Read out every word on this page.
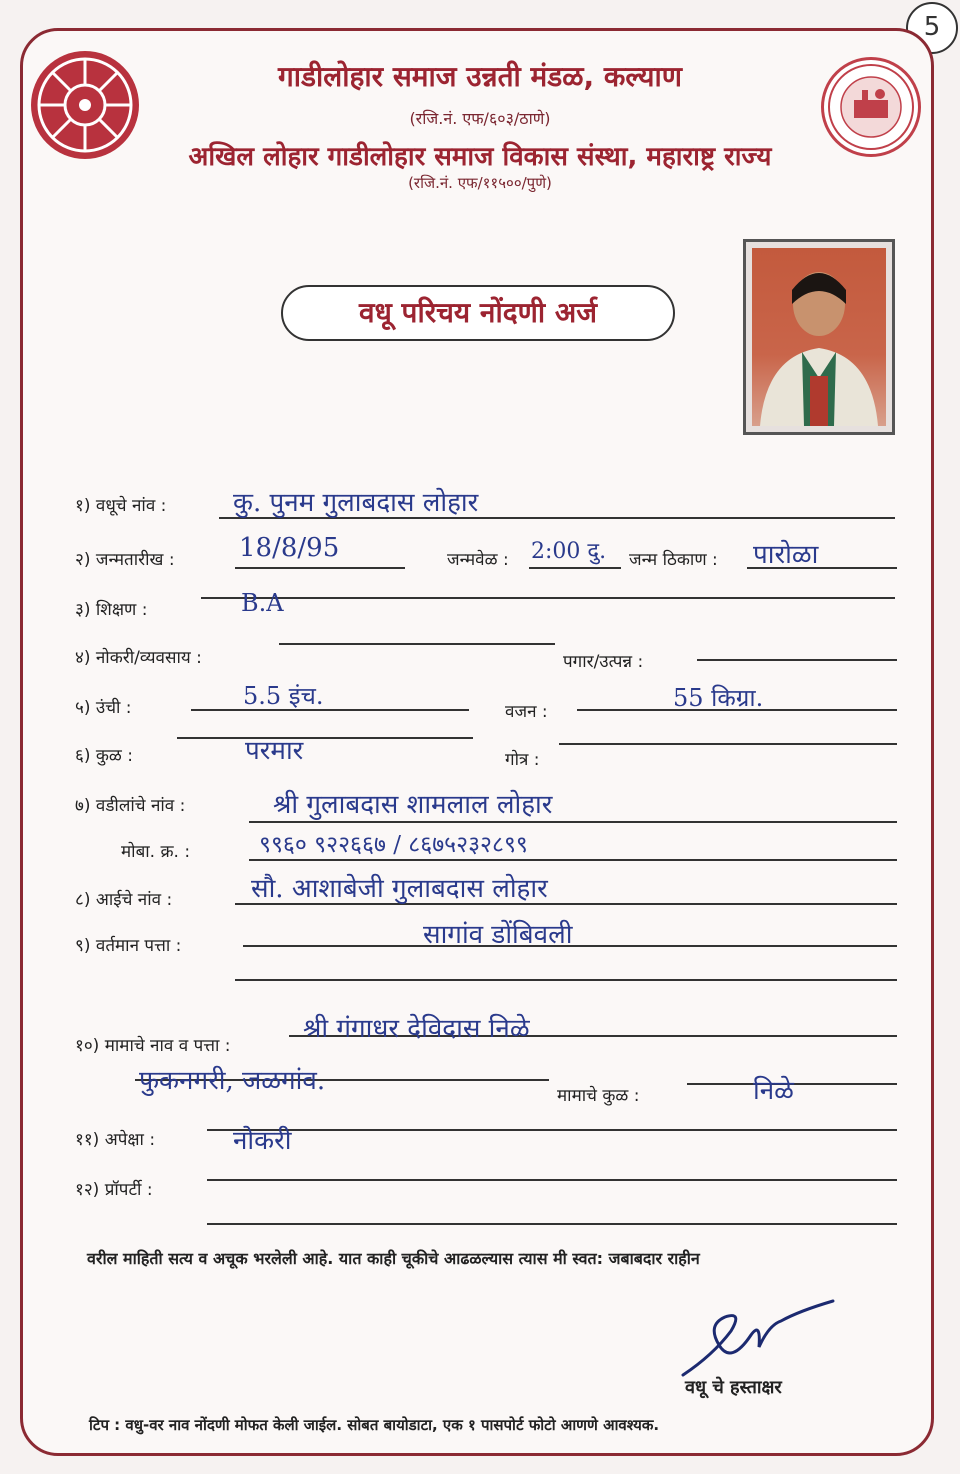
5
गाडीलोहार समाज उन्नती मंडळ, कल्याण
(रजि.नं. एफ/६०३/ठाणे)
अखिल लोहार गाडीलोहार समाज विकास संस्था, महाराष्ट्र राज्य
(रजि.नं. एफ/११५००/पुणे)
वधू परिचय नोंदणी अर्ज
१) वधूचे नांव :	कु. पुनम गुलाबदास लोहार
२) जन्मतारीख : 18/8/95	जन्मवेळ : 2:00 दु. जन्म ठिकाण : पारोळा
३) शिक्षण :	B.A
४) नोकरी/व्यवसाय :	पगार/उत्पन्न :
५) उंची :	5.5 इंच.
वजन :	55 किग्रा.
६) कुळ :	परमार	गोत्र :
७) वडीलांचे नांव :	श्री गुलाबदास शामलाल लोहार
मोबा. क्र. :	९९६० ९२२६६७ / ८६७५२३२८९९
८) आईचे नांव :	सौ. आशाबेजी गुलाबदास लोहार
९) वर्तमान पत्ता :	सागांव डोंबिवली
१०) मामाचे नाव व पत्ता :
श्री गंगाधर देविदास निळे
फुकनगरी, जळगांव.	मामाचे कुळ :	निळे
११) अपेक्षा :	नोकरी
१२) प्रॉपर्टी :
वरील माहिती सत्य व अचूक भरलेली आहे. यात काही चूकीचे आढळल्यास त्यास मी स्वत: जबाबदार राहीन
वधू चे हस्ताक्षर
टिप : वधु-वर नाव नोंदणी मोफत केली जाईल. सोबत बायोडाटा, एक १ पासपोर्ट फोटो आणणे आवश्यक.
